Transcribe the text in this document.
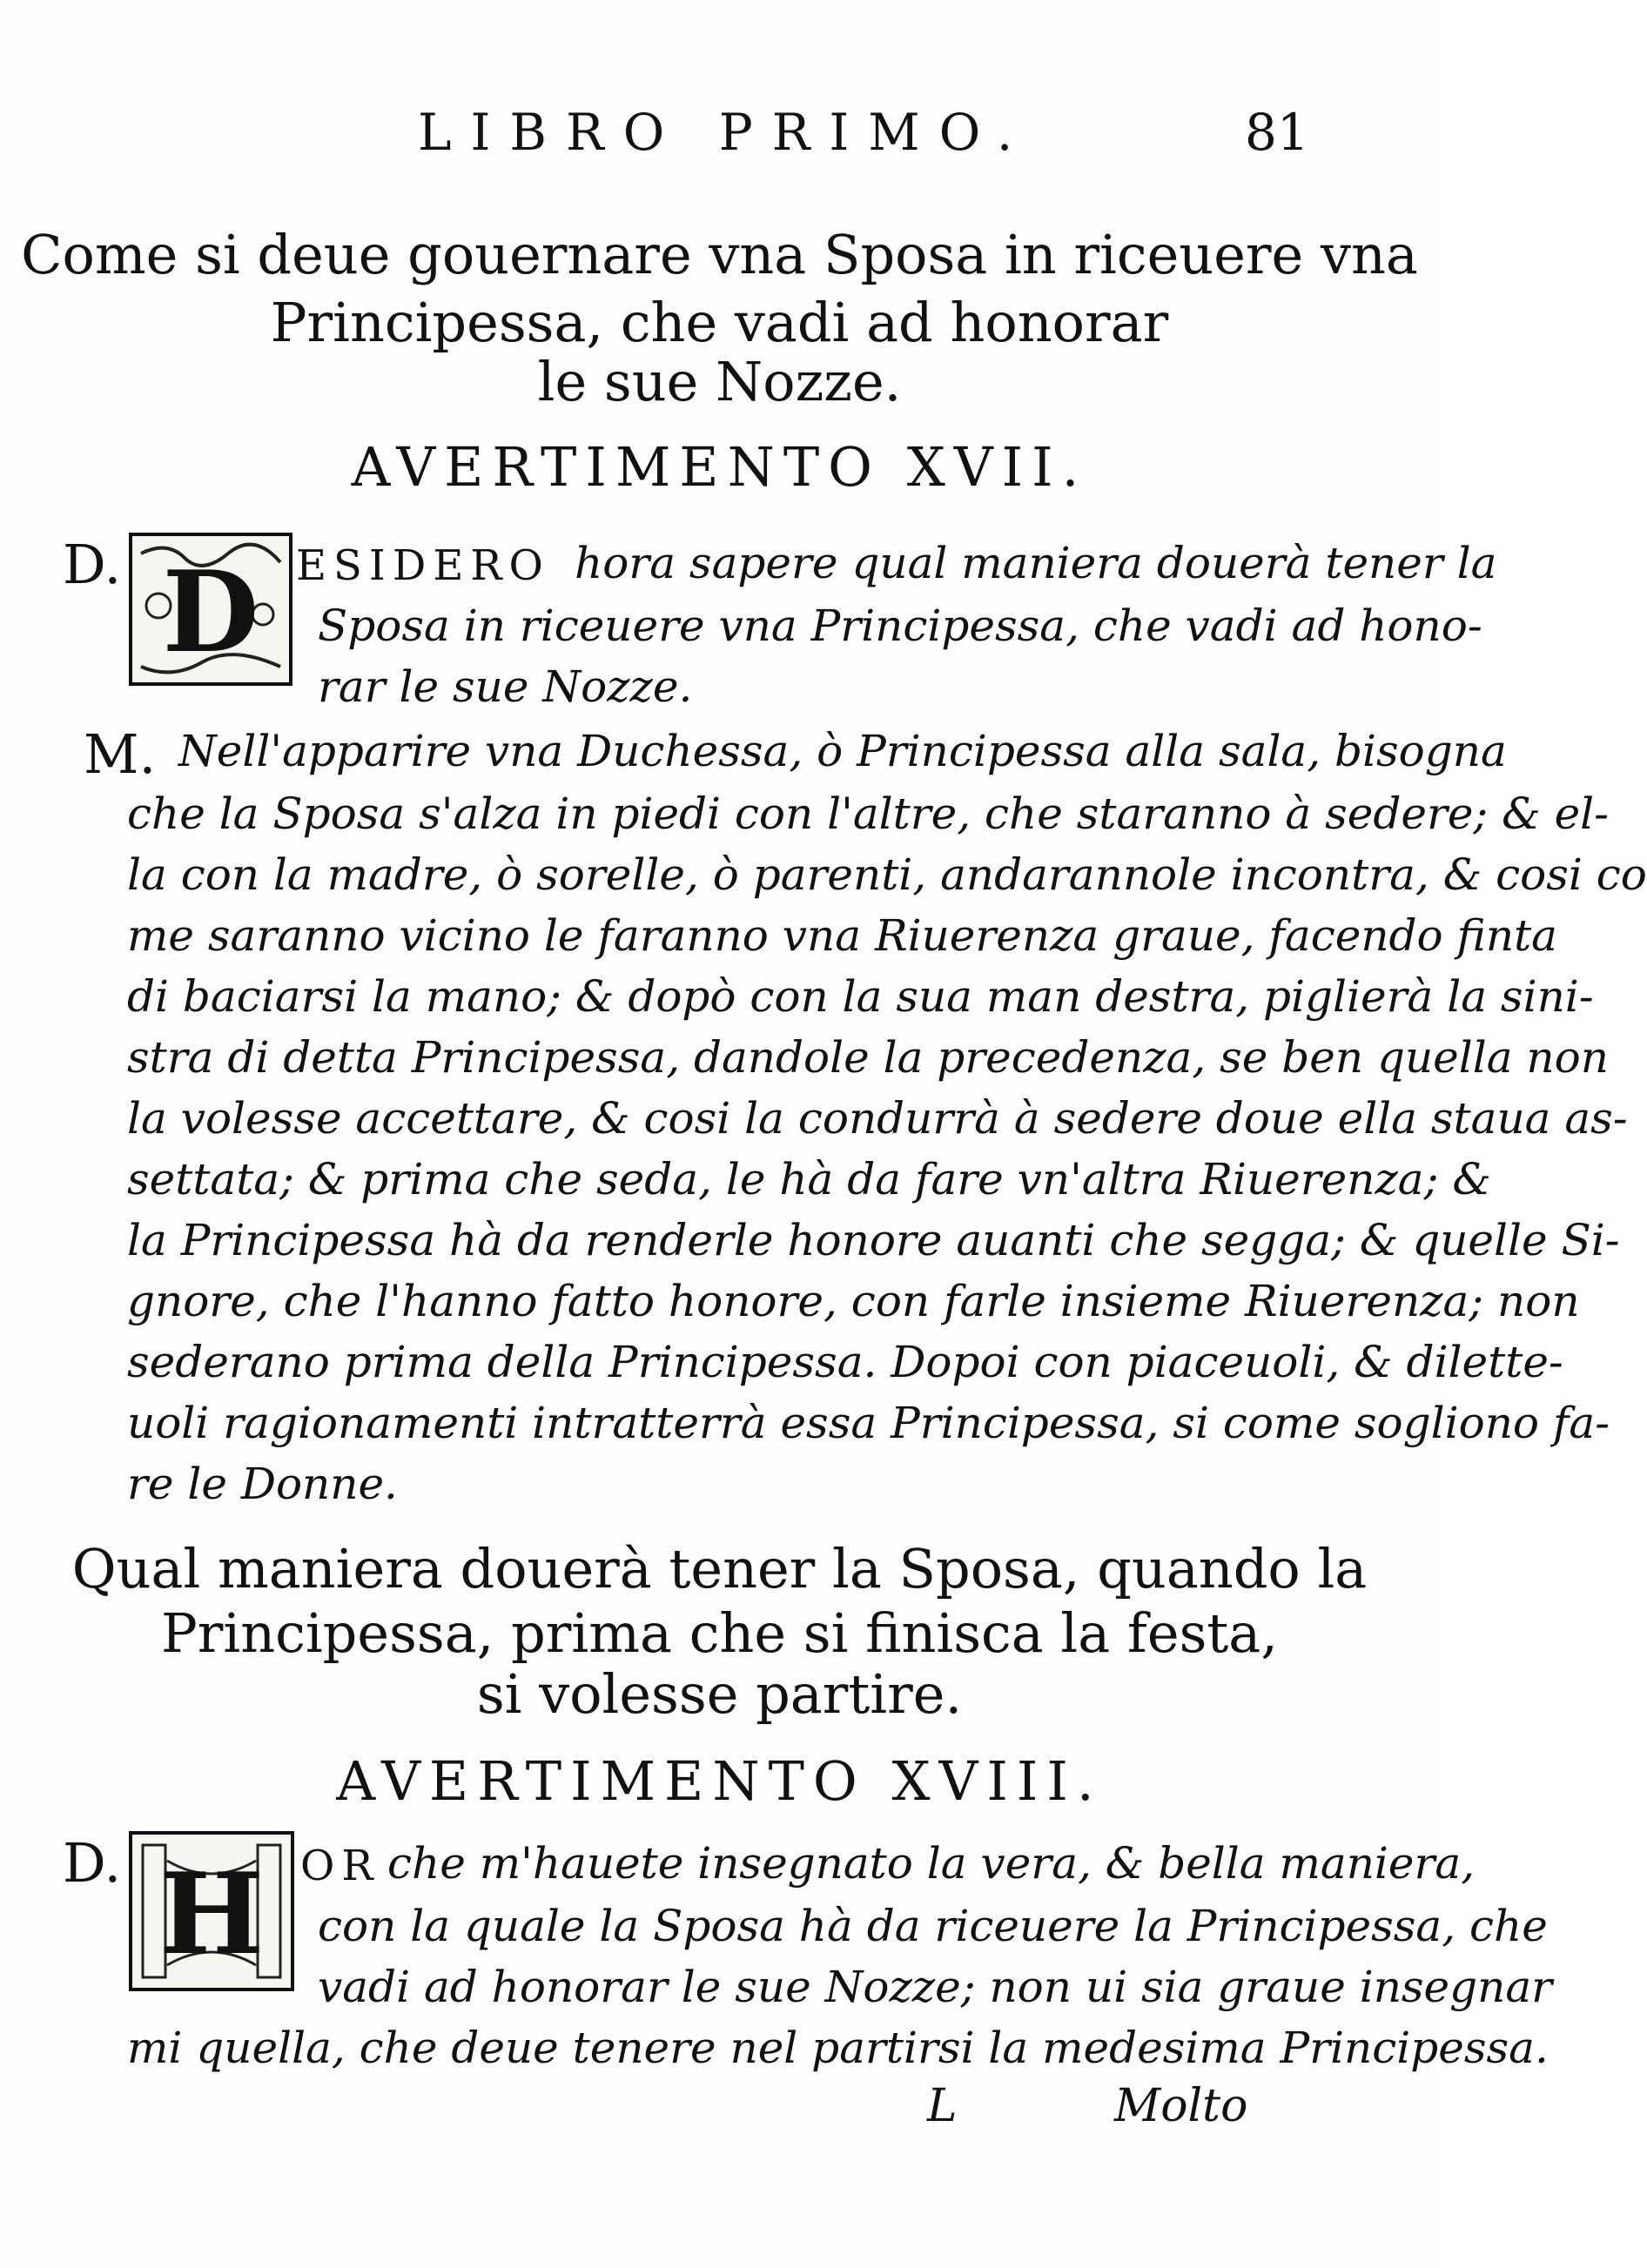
LIBRO PRIMO.	81
Come si deue gouernare vna Sposa in riceuere vna
Principessa, che vadi ad honorar
le sue Nozze.
AVERTIMENTO XVII.
D. D ESIDERO hora sapere qual maniera douerà tener la
Sposa in riceuere vna Principessa, che vadi ad hono-
rar le sue Nozze.
M. Nell'apparire vna Duchessa, ò Principessa alla sala, bisogna
che la Sposa s'alza in piedi con l'altre, che staranno à sedere; & el-
la con la madre, ò sorelle, ò parenti, andarannole incontra, & cosi co
me saranno vicino le faranno vna Riuerenza graue, facendo finta
di baciarsi la mano; & dopò con la sua man destra, piglierà la sini-
stra di detta Principessa, dandole la precedenza, se ben quella non
la volesse accettare, & cosi la condurrà à sedere doue ella staua as-
settata; & prima che seda, le hà da fare vn'altra Riuerenza; &
la Principessa hà da renderle honore auanti che segga; & quelle Si-
gnore, che l'hanno fatto honore, con farle insieme Riuerenza; non
sederano prima della Principessa. Dopoi con piaceuoli, & dilette-
uoli ragionamenti intratterrà essa Principessa, si come sogliono fa-
re le Donne.
Qual maniera douerà tener la Sposa, quando la
Principessa, prima che si finisca la festa,
si volesse partire.
AVERTIMENTO XVIII.
D. H OR che m'hauete insegnato la vera, & bella maniera,
con la quale la Sposa hà da riceuere la Principessa, che
vadi ad honorar le sue Nozze; non ui sia graue insegnar
mi quella, che deue tenere nel partirsi la medesima Principessa.
L	Molto
